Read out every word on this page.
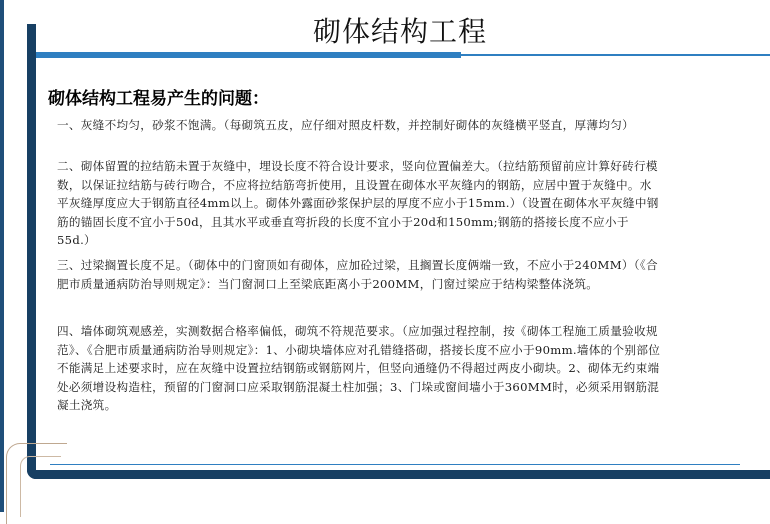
砌体结构工程
砌体结构工程易产生的问题：
一、灰缝不均匀，砂浆不饱满。（每砌筑五皮，应仔细对照皮杆数，并控制好砌体的灰缝横平竖直，厚薄均匀）
二、砌体留置的拉结筋未置于灰缝中，埋设长度不符合设计要求，竖向位置偏差大。（拉结筋预留前应计算好砖行模数，以保证拉结筋与砖行吻合，不应将拉结筋弯折使用，且设置在砌体水平灰缝内的钢筋，应居中置于灰缝中。水平灰缝厚度应大于钢筋直径4mm以上。砌体外露面砂浆保护层的厚度不应小于15mm.）（设置在砌体水平灰缝中钢筋的锚固长度不宜小于50d，且其水平或垂直弯折段的长度不宜小于20d和150mm;钢筋的搭接长度不应小于55d.）
三、过梁搁置长度不足。（砌体中的门窗顶如有砌体，应加砼过梁，且搁置长度俩端一致，不应小于240MM）（《合肥市质量通病防治导则规定》：当门窗洞口上至梁底距离小于200MM，门窗过梁应于结构梁整体浇筑。
四、墙体砌筑观感差，实测数据合格率偏低，砌筑不符规范要求。（应加强过程控制，按《砌体工程施工质量验收规范》、《合肥市质量通病防治导则规定》：1、小砌块墙体应对孔错缝搭砌，搭接长度不应小于90mm.墙体的个别部位不能满足上述要求时，应在灰缝中设置拉结钢筋或钢筋网片，但竖向通缝仍不得超过两皮小砌块。2、砌体无约束端处必须增设构造柱，预留的门窗洞口应采取钢筋混凝土柱加强；3、门垛或窗间墙小于360MM时，必须采用钢筋混凝土浇筑。
